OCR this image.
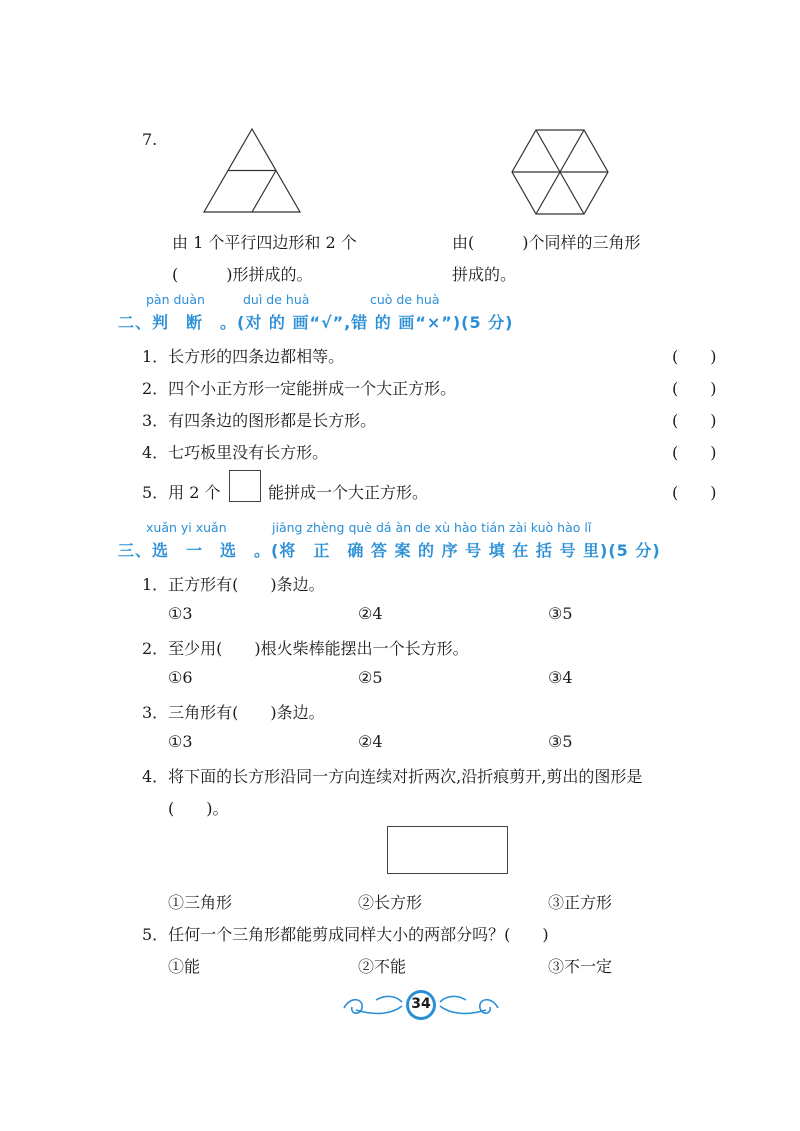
7.
由 1 个平行四边形和 2 个
(　　　)形拼成的。
由(　　　)个同样的三角形
拼成的。
pàn duàn	duì de huà	cuò de huà
二、判　断　。(对 的 画“√”,错 的 画“×”)(5 分)
1．长方形的四条边都相等。	(　　)
2．四个小正方形一定能拼成一个大正方形。	(　　)
3．有四条边的图形都是长方形。	(　　)
4．七巧板里没有长方形。	(　　)
5．用 2 个	能拼成一个大正方形。	(　　)
xuǎn yi xuǎn	jiāng zhèng què dá àn de xù hào tián zài kuò hào lǐ
三、选　一　选　。(将　正　确 答 案 的 序 号 填 在 括 号 里)(5 分)
1．正方形有(　　)条边。
①3	②4	③5
2．至少用(　　)根火柴棒能摆出一个长方形。
①6	②5	③4
3．三角形有(　　)条边。
①3	②4	③5
4．将下面的长方形沿同一方向连续对折两次,沿折痕剪开,剪出的图形是
(　　)。
①三角形	②长方形	③正方形
5．任何一个三角形都能剪成同样大小的两部分吗？(　　)
①能	②不能	③不一定
34
